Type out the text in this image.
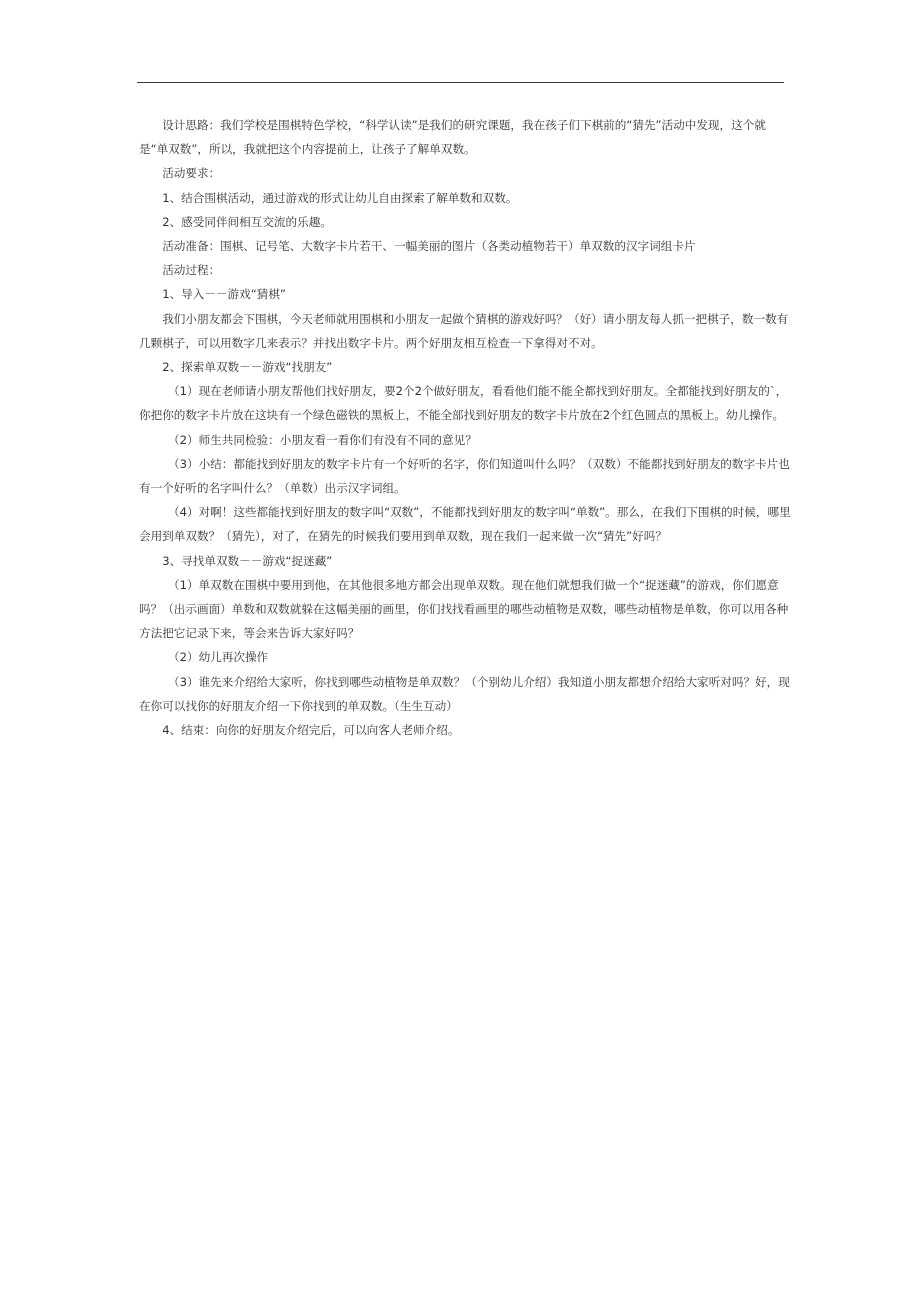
设计思路：我们学校是围棋特色学校，“科学认读”是我们的研究课题，我在孩子们下棋前的“猜先”活动中发现，这个就是“单双数”，所以，我就把这个内容提前上，让孩子了解单双数。

活动要求：

1、结合围棋活动，通过游戏的形式让幼儿自由探索了解单数和双数。

2、感受同伴间相互交流的乐趣。

活动准备：围棋、记号笔、大数字卡片若干、一幅美丽的图片（各类动植物若干）单双数的汉字词组卡片

活动过程：

1、导入－－游戏“猜棋”

我们小朋友都会下围棋，今天老师就用围棋和小朋友一起做个猜棋的游戏好吗？（好）请小朋友每人抓一把棋子，数一数有几颗棋子，可以用数字几来表示？并找出数字卡片。两个好朋友相互检查一下拿得对不对。

2、探索单双数－－游戏“找朋友”

（1）现在老师请小朋友帮他们找好朋友，要2个2个做好朋友，看看他们能不能全都找到好朋友。全都能找到好朋友的`，你把你的数字卡片放在这块有一个绿色磁铁的黑板上，不能全部找到好朋友的数字卡片放在2个红色圆点的黑板上。幼儿操作。

（2）师生共同检验：小朋友看一看你们有没有不同的意见？

（3）小结：都能找到好朋友的数字卡片有一个好听的名字，你们知道叫什么吗？（双数）不能都找到好朋友的数字卡片也有一个好听的名字叫什么？（单数）出示汉字词组。

（4）对啊！这些都能找到好朋友的数字叫“双数”，不能都找到好朋友的数字叫“单数”。那么，在我们下围棋的时候，哪里会用到单双数？（猜先），对了，在猜先的时候我们要用到单双数，现在我们一起来做一次“猜先”好吗？

3、寻找单双数－－游戏“捉迷藏”

（1）单双数在围棋中要用到他，在其他很多地方都会出现单双数。现在他们就想我们做一个“捉迷藏”的游戏，你们愿意吗？（出示画面）单数和双数就躲在这幅美丽的画里，你们找找看画里的哪些动植物是双数，哪些动植物是单数，你可以用各种方法把它记录下来，等会来告诉大家好吗？

（2）幼儿再次操作

（3）谁先来介绍给大家听，你找到哪些动植物是单双数？（个别幼儿介绍）我知道小朋友都想介绍给大家听对吗？好，现在你可以找你的好朋友介绍一下你找到的单双数。（生生互动）

4、结束：向你的好朋友介绍完后，可以向客人老师介绍。
